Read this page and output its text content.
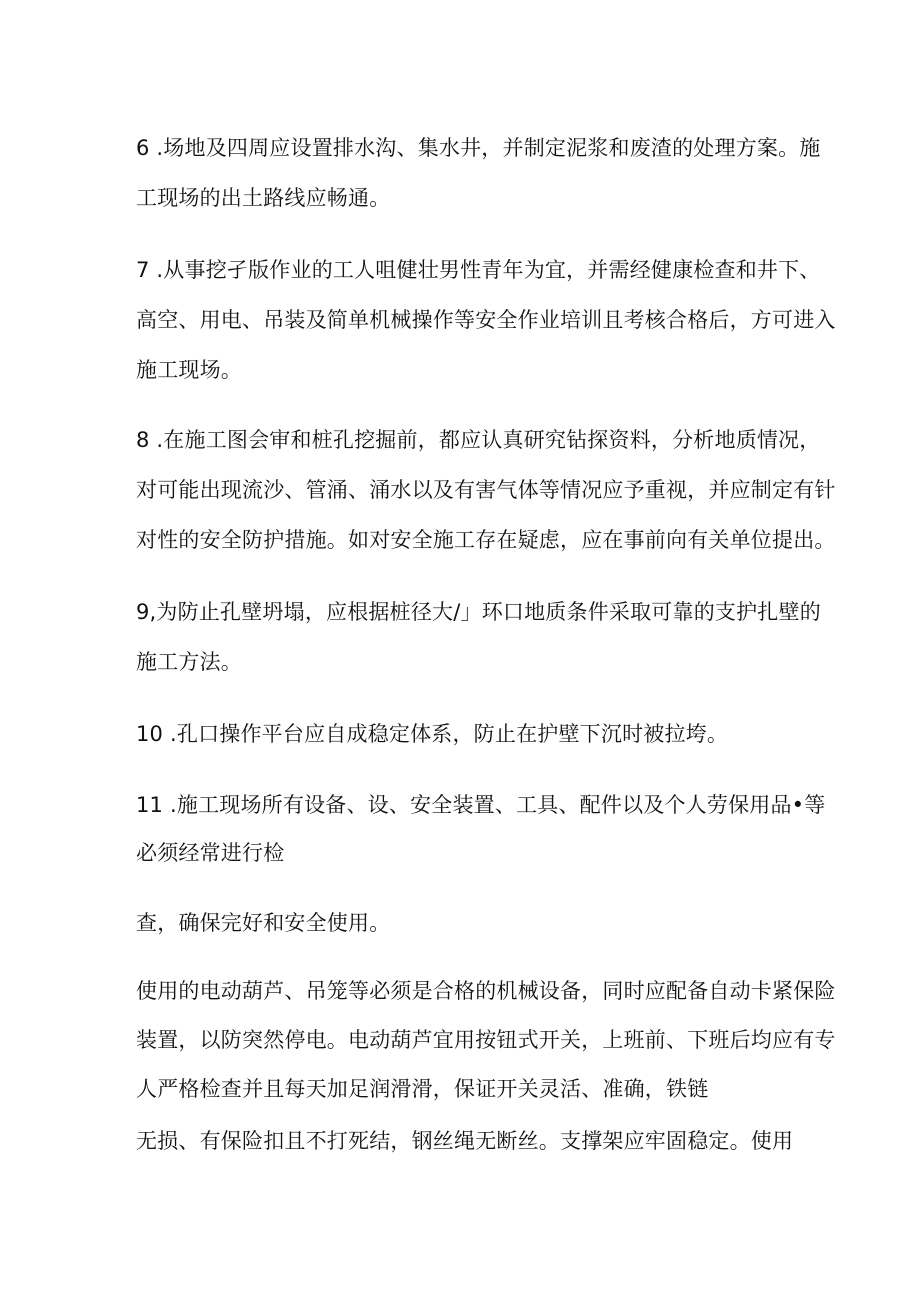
6 .场地及四周应设置排水沟、集水井，并制定泥浆和废渣的处理方案。施
工现场的出土路线应畅通。
7 .从事挖孑版作业的工人咀健壮男性青年为宜，并需经健康检查和井下、
高空、用电、吊装及简单机械操作等安全作业培训且考核合格后，方可进入
施工现场。
8 .在施工图会审和桩孔挖掘前，都应认真研究钻探资料，分析地质情况，
对可能出现流沙、管涌、涌水以及有害气体等情况应予重视，并应制定有针
对性的安全防护措施。如对安全施工存在疑虑，应在事前向有关单位提出。
9,为防止孔壁坍塌，应根据桩径大/」环口地质条件采取可靠的支护扎壁的
施工方法。
10 .孔口操作平台应自成稳定体系，防止在护壁下沉时被拉垮。
11 .施工现场所有设备、设、安全装置、工具、配件以及个人劳保用品•等
必须经常进行检
查，确保完好和安全使用。
使用的电动葫芦、吊笼等必须是合格的机械设备，同时应配备自动卡紧保险
装置，以防突然停电。电动葫芦宜用按钮式开关，上班前、下班后均应有专
人严格检查并且每天加足润滑滑，保证开关灵活、准确，铁链
无损、有保险扣且不打死结，钢丝绳无断丝。支撑架应牢固稳定。使用
